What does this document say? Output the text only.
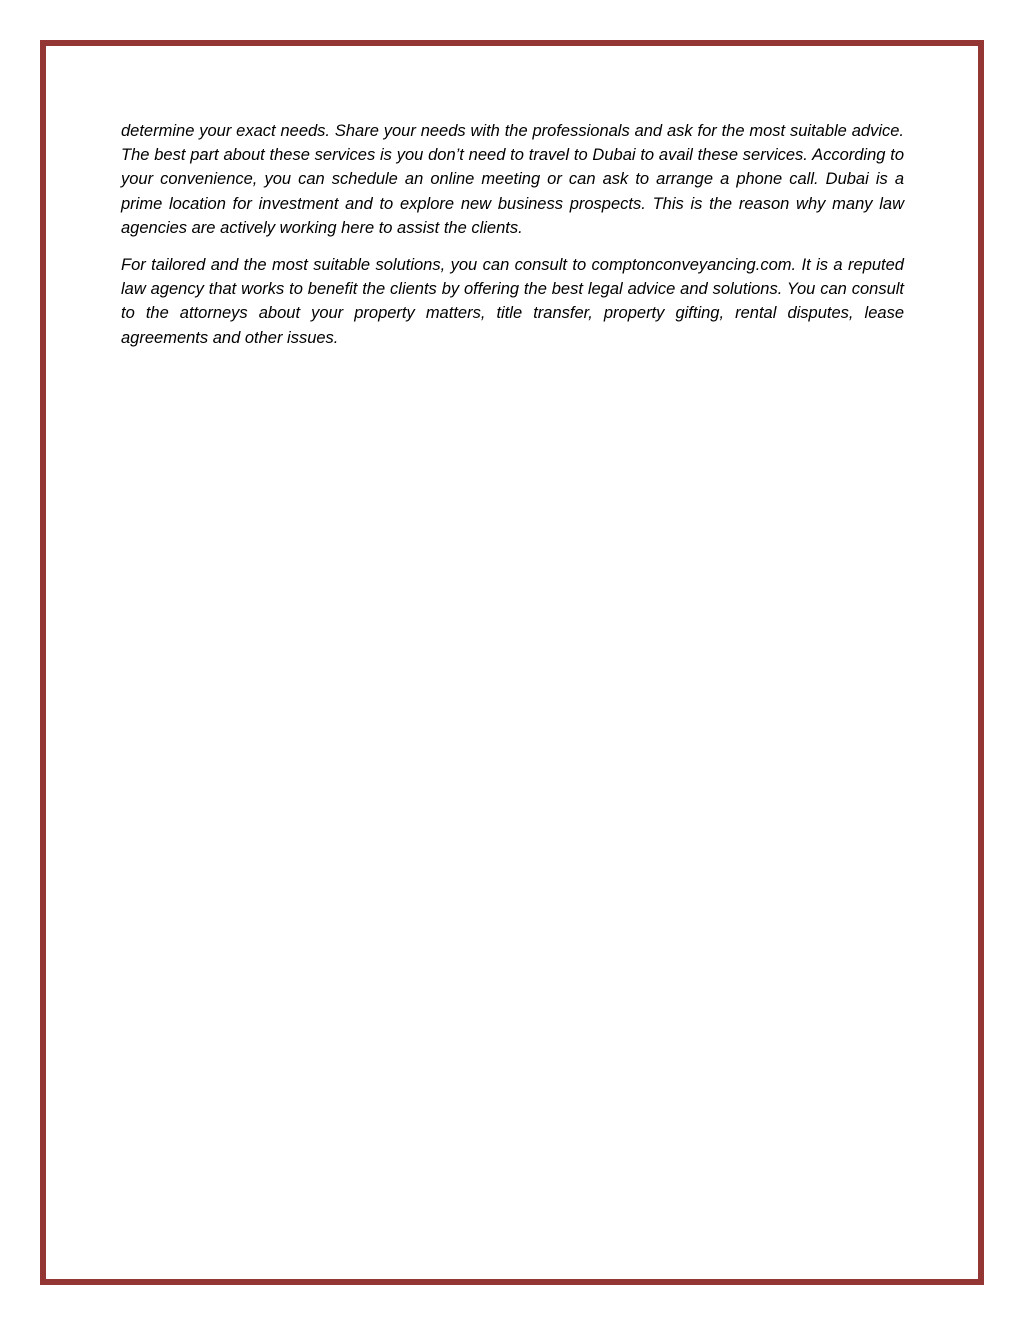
determine your exact needs. Share your needs with the professionals and ask for the most suitable advice. The best part about these services is you don’t need to travel to Dubai to avail these services. According to your convenience, you can schedule an online meeting or can ask to arrange a phone call. Dubai is a prime location for investment and to explore new business prospects. This is the reason why many law agencies are actively working here to assist the clients.

For tailored and the most suitable solutions, you can consult to comptonconveyancing.com. It is a reputed law agency that works to benefit the clients by offering the best legal advice and solutions. You can consult to the attorneys about your property matters, title transfer, property gifting, rental disputes, lease agreements and other issues.
